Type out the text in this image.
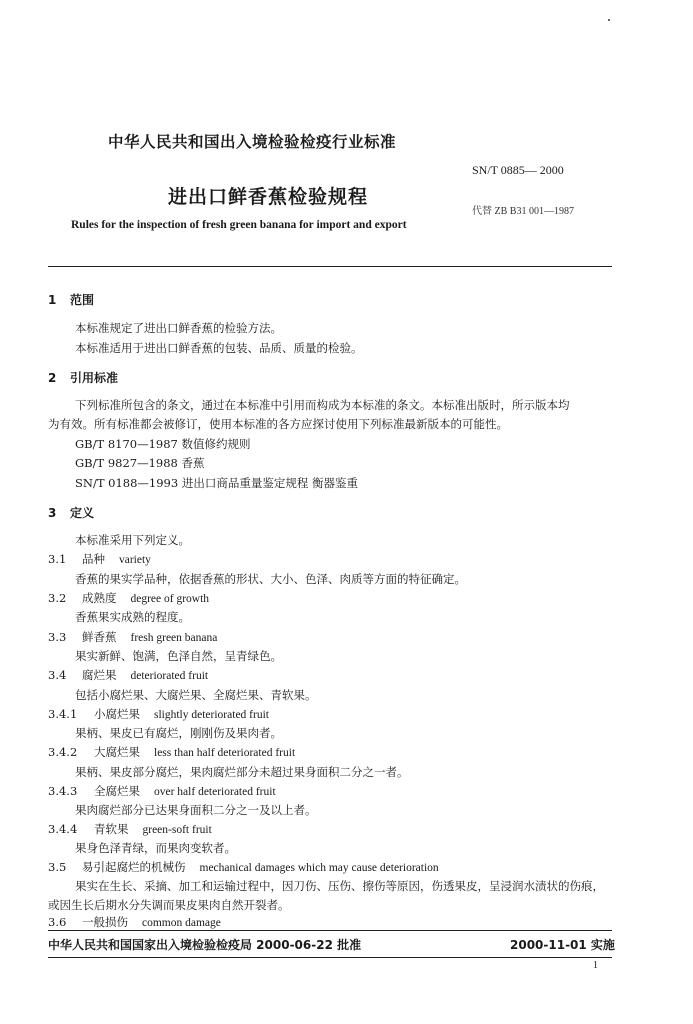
中华人民共和国出入境检验检疫行业标准
SN/T 0885— 2000
进出口鲜香蕉检验规程
代替 ZB B31 001—1987
Rules for the inspection of fresh green banana for import and export
1 范围
本标准规定了进出口鲜香蕉的检验方法。
本标准适用于进出口鲜香蕉的包装、品质、质量的检验。
2 引用标准
下列标准所包含的条文，通过在本标准中引用而构成为本标准的条文。本标准出版时，所示版本均
为有效。所有标准都会被修订，使用本标准的各方应探讨使用下列标准最新版本的可能性。
GB/T 8170—1987 数值修约规则
GB/T 9827—1988 香蕉
SN/T 0188—1993 进出口商品重量鉴定规程 衡器鉴重
3 定义
本标准采用下列定义。
3.1 品种 variety
香蕉的果实学品种，依据香蕉的形状、大小、色泽、肉质等方面的特征确定。
3.2 成熟度 degree of growth
香蕉果实成熟的程度。
3.3 鲜香蕉 fresh green banana
果实新鲜、饱满，色泽自然，呈青绿色。
3.4 腐烂果 deteriorated fruit
包括小腐烂果、大腐烂果、全腐烂果、青软果。
3.4.1 小腐烂果 slightly deteriorated fruit
果柄、果皮已有腐烂，刚刚伤及果肉者。
3.4.2 大腐烂果 less than half deteriorated fruit
果柄、果皮部分腐烂，果肉腐烂部分未超过果身面积二分之一者。
3.4.3 全腐烂果 over half deteriorated fruit
果肉腐烂部分已达果身面积二分之一及以上者。
3.4.4 青软果 green-soft fruit
果身色泽青绿，而果肉变软者。
3.5 易引起腐烂的机械伤 mechanical damages which may cause deterioration
果实在生长、采摘、加工和运输过程中，因刀伤、压伤、擦伤等原因，伤透果皮，呈浸润水渍状的伤痕，
或因生长后期水分失调而果皮果肉自然开裂者。
3.6 一般损伤 common damage
中华人民共和国国家出入境检验检疫局 2000-06-22 批准	2000-11-01 实施
1
